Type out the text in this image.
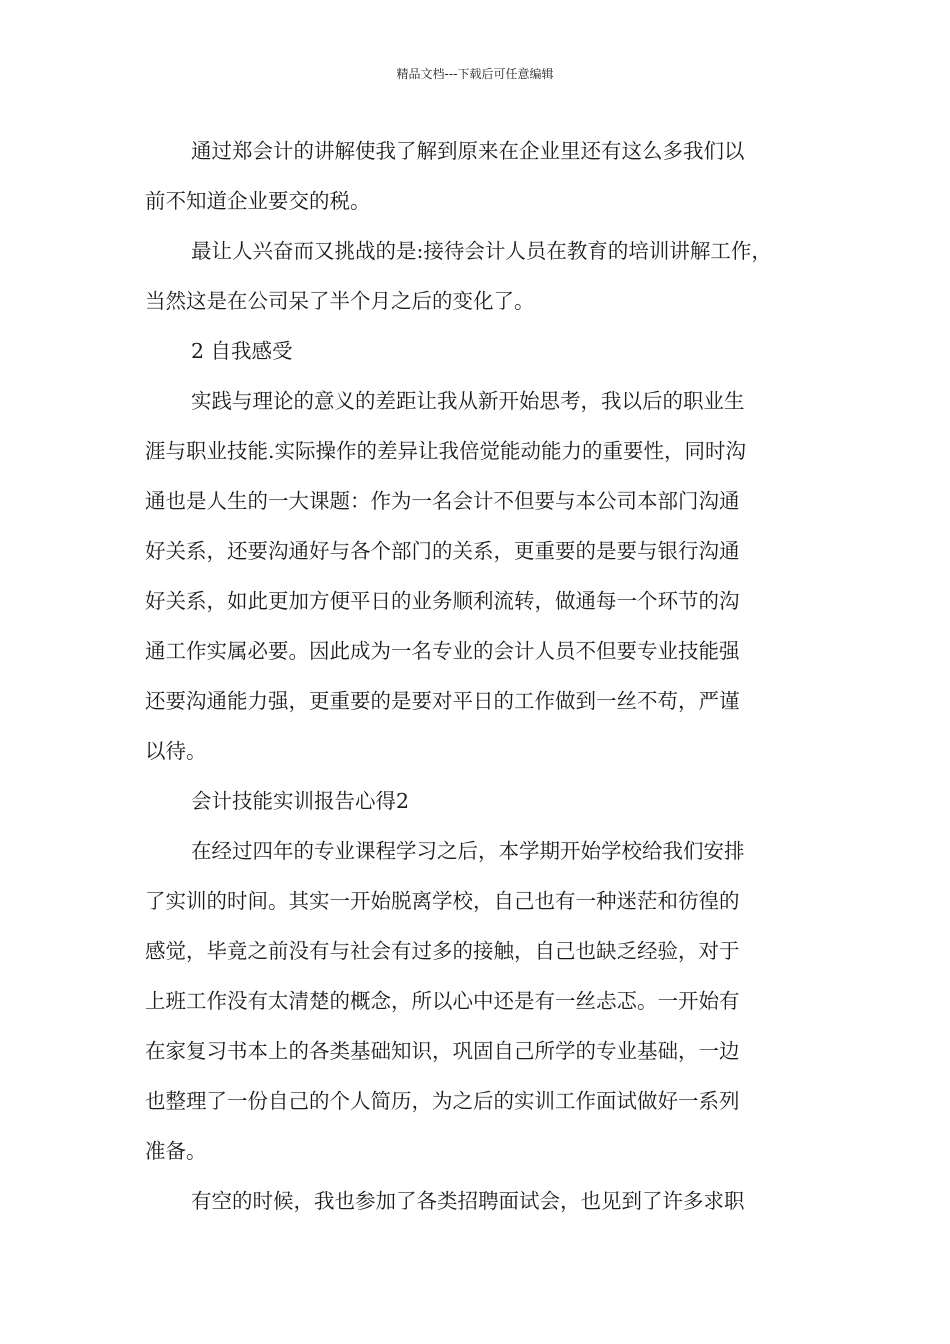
精品文档---下载后可任意编辑
通过郑会计的讲解使我了解到原来在企业里还有这么多我们以
前不知道企业要交的税。
最让人兴奋而又挑战的是:接待会计人员在教育的培训讲解工作，
当然这是在公司呆了半个月之后的变化了。
2 自我感受
实践与理论的意义的差距让我从新开始思考，我以后的职业生
涯与职业技能.实际操作的差异让我倍觉能动能力的重要性，同时沟
通也是人生的一大课题：作为一名会计不但要与本公司本部门沟通
好关系，还要沟通好与各个部门的关系，更重要的是要与银行沟通
好关系，如此更加方便平日的业务顺利流转，做通每一个环节的沟
通工作实属必要。因此成为一名专业的会计人员不但要专业技能强
还要沟通能力强，更重要的是要对平日的工作做到一丝不苟，严谨
以待。
会计技能实训报告心得2
在经过四年的专业课程学习之后，本学期开始学校给我们安排
了实训的时间。其实一开始脱离学校，自己也有一种迷茫和彷徨的
感觉，毕竟之前没有与社会有过多的接触，自己也缺乏经验，对于
上班工作没有太清楚的概念，所以心中还是有一丝忐忑。一开始有
在家复习书本上的各类基础知识，巩固自己所学的专业基础，一边
也整理了一份自己的个人简历，为之后的实训工作面试做好一系列
准备。
有空的时候，我也参加了各类招聘面试会，也见到了许多求职
